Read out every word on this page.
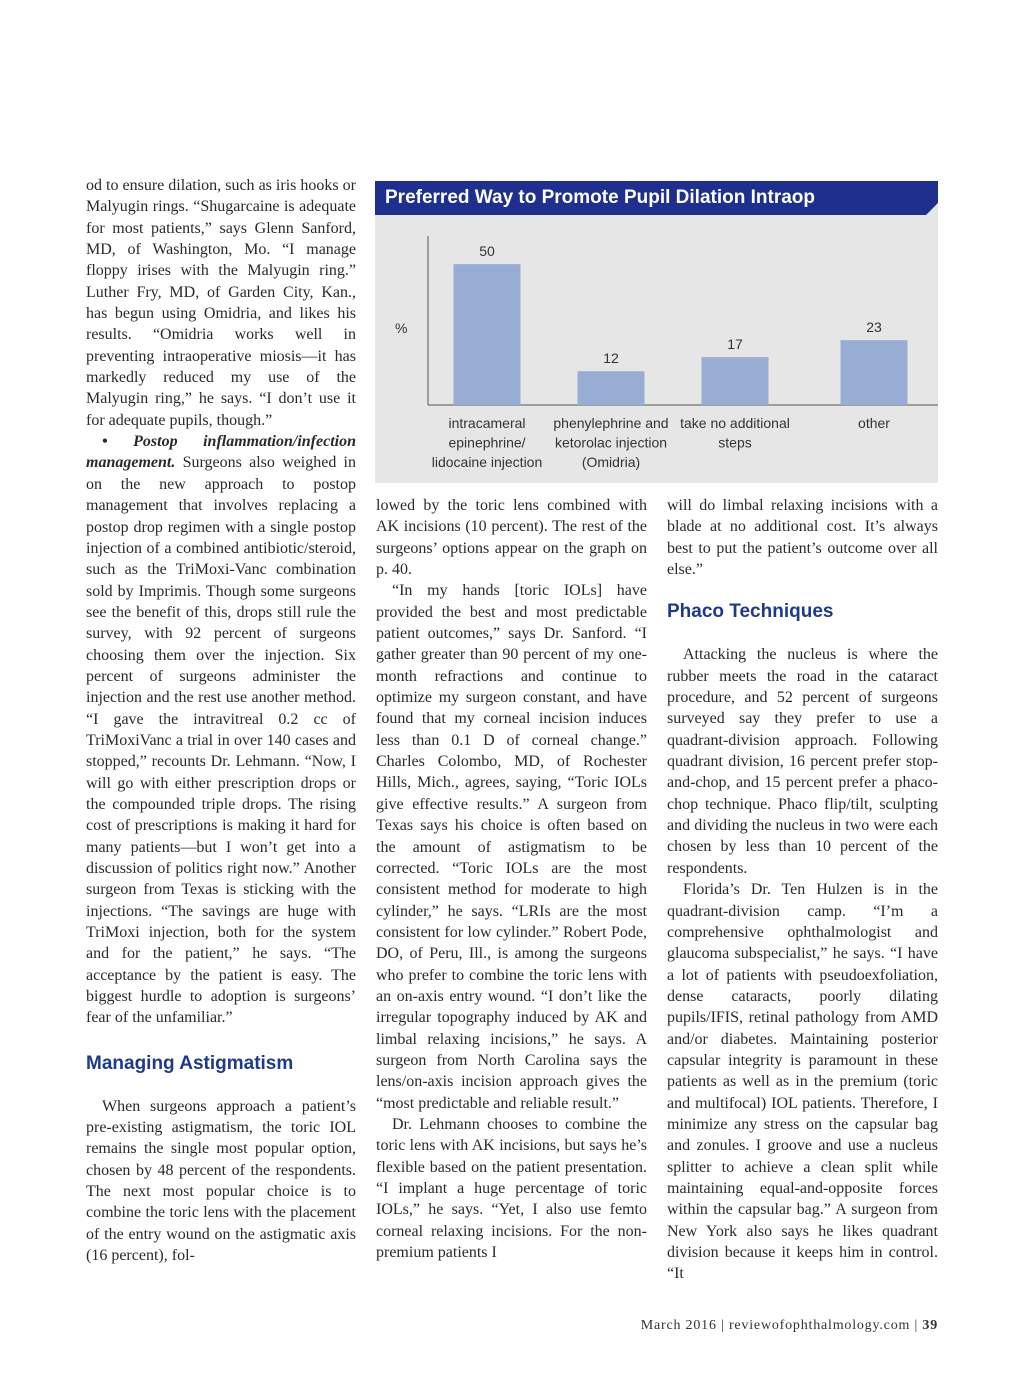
od to ensure dilation, such as iris hooks or Malyugin rings. “Shugarcaine is adequate for most patients,” says Glenn Sanford, MD, of Washington, Mo. “I manage floppy irises with the Malyugin ring.” Luther Fry, MD, of Garden City, Kan., has begun using Omidria, and likes his results. “Omidria works well in preventing intraoperative miosis—it has markedly reduced my use of the Malyugin ring,” he says. “I don’t use it for adequate pupils, though.”

• Postop inflammation/infection management. Surgeons also weighed in on the new approach to postop management that involves replacing a postop drop regimen with a single postop injection of a combined antibiotic/steroid, such as the TriMoxi-Vanc combination sold by Imprimis. Though some surgeons see the benefit of this, drops still rule the survey, with 92 percent of surgeons choosing them over the injection. Six percent of surgeons administer the injection and the rest use another method. “I gave the intravitreal 0.2 cc of TriMoxiVanc a trial in over 140 cases and stopped,” recounts Dr. Lehmann. “Now, I will go with either prescription drops or the compounded triple drops. The rising cost of prescriptions is making it hard for many patients—but I won’t get into a discussion of politics right now.” Another surgeon from Texas is sticking with the injections. “The savings are huge with TriMoxi injection, both for the system and for the patient,” he says. “The acceptance by the patient is easy. The biggest hurdle to adoption is surgeons’ fear of the unfamiliar.”

Managing Astigmatism

When surgeons approach a patient’s pre-existing astigmatism, the toric IOL remains the single most popular option, chosen by 48 percent of the respondents. The next most popular choice is to combine the toric lens with the placement of the entry wound on the astigmatic axis (16 percent), fol-

Preferred Way to Promote Pupil Dilation Intraop
%
50
intracameral
epinephrine/
lidocaine injection
12
phenylephrine and
ketorolac injection
(Omidria)
17
take no additional
steps
23
other

lowed by the toric lens combined with AK incisions (10 percent). The rest of the surgeons’ options appear on the graph on p. 40.

“In my hands [toric IOLs] have provided the best and most predictable patient outcomes,” says Dr. Sanford. “I gather greater than 90 percent of my one-month refractions and continue to optimize my surgeon constant, and have found that my corneal incision induces less than 0.1 D of corneal change.” Charles Colombo, MD, of Rochester Hills, Mich., agrees, saying, “Toric IOLs give effective results.” A surgeon from Texas says his choice is often based on the amount of astigmatism to be corrected. “Toric IOLs are the most consistent method for moderate to high cylinder,” he says. “LRIs are the most consistent for low cylinder.” Robert Pode, DO, of Peru, Ill., is among the surgeons who prefer to combine the toric lens with an on-axis entry wound. “I don’t like the irregular topography induced by AK and limbal relaxing incisions,” he says. A surgeon from North Carolina says the lens/on-axis incision approach gives the “most predictable and reliable result.”

Dr. Lehmann chooses to combine the toric lens with AK incisions, but says he’s flexible based on the patient presentation. “I implant a huge percentage of toric IOLs,” he says. “Yet, I also use femto corneal relaxing incisions. For the non-premium patients I

will do limbal relaxing incisions with a blade at no additional cost. It’s always best to put the patient’s outcome over all else.”

Phaco Techniques

Attacking the nucleus is where the rubber meets the road in the cataract procedure, and 52 percent of surgeons surveyed say they prefer to use a quadrant-division approach. Following quadrant division, 16 percent prefer stop-and-chop, and 15 percent prefer a phaco-chop technique. Phaco flip/tilt, sculpting and dividing the nucleus in two were each chosen by less than 10 percent of the respondents.

Florida’s Dr. Ten Hulzen is in the quadrant-division camp. “I’m a comprehensive ophthalmologist and glaucoma subspecialist,” he says. “I have a lot of patients with pseudoexfoliation, dense cataracts, poorly dilating pupils/IFIS, retinal pathology from AMD and/or diabetes. Maintaining posterior capsular integrity is paramount in these patients as well as in the premium (toric and multifocal) IOL patients. Therefore, I minimize any stress on the capsular bag and zonules. I groove and use a nucleus splitter to achieve a clean split while maintaining equal-and-opposite forces within the capsular bag.” A surgeon from New York also says he likes quadrant division because it keeps him in control. “It

March 2016 | reviewofophthalmology.com | 39
